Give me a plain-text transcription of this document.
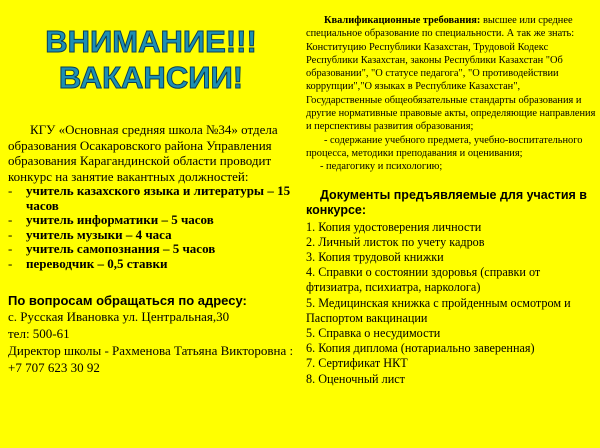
ВНИМАНИЕ!!!
ВАКАНСИИ!
КГУ «Основная средняя школа №34» отдела образования Осакаровского района Управления образования Карагандинской области проводит конкурс на занятие вакантных должностей:
-	учитель казахского языка и литературы – 15 часов
-	учитель информатики – 5 часов
-	учитель музыки – 4 часа
-	учитель самопознания – 5 часов
-	переводчик – 0,5 ставки
По вопросам обращаться по адресу:
с. Русская Ивановка ул. Центральная,30
тел: 500-61
Директор школы - Рахменова Татьяна Викторовна : +7 707 623 30 92

Квалификационные требования: высшее или среднее специальное образование по специальности. А так же знать: Конституцию Республики Казахстан, Трудовой Кодекс Республики Казахстан, законы Республики Казахстан "Об образовании", "О статусе педагога", "О противодействии коррупции","О языках в Республике Казахстан", Государственные общеобязательные стандарты образования и другие нормативные правовые акты, определяющие направления и перспективы развития образования;

- содержание учебного предмета, учебно-воспитательного процесса, методики преподавания и оценивания;

- педагогику и психологию;

Документы предъявляемые для участия в конкурсе:
1. Копия удостоверения личности
2. Личный листок по учету кадров
3. Копия трудовой книжки
4. Справки о состоянии здоровья (справки от фтизиатра, психиатра, нарколога)
5. Медицинская книжка с пройденным осмотром и Паспортом вакцинации
5. Справка о несудимости
6. Копия диплома (нотариально заверенная)
7. Сертификат НКТ
8. Оценочный лист
